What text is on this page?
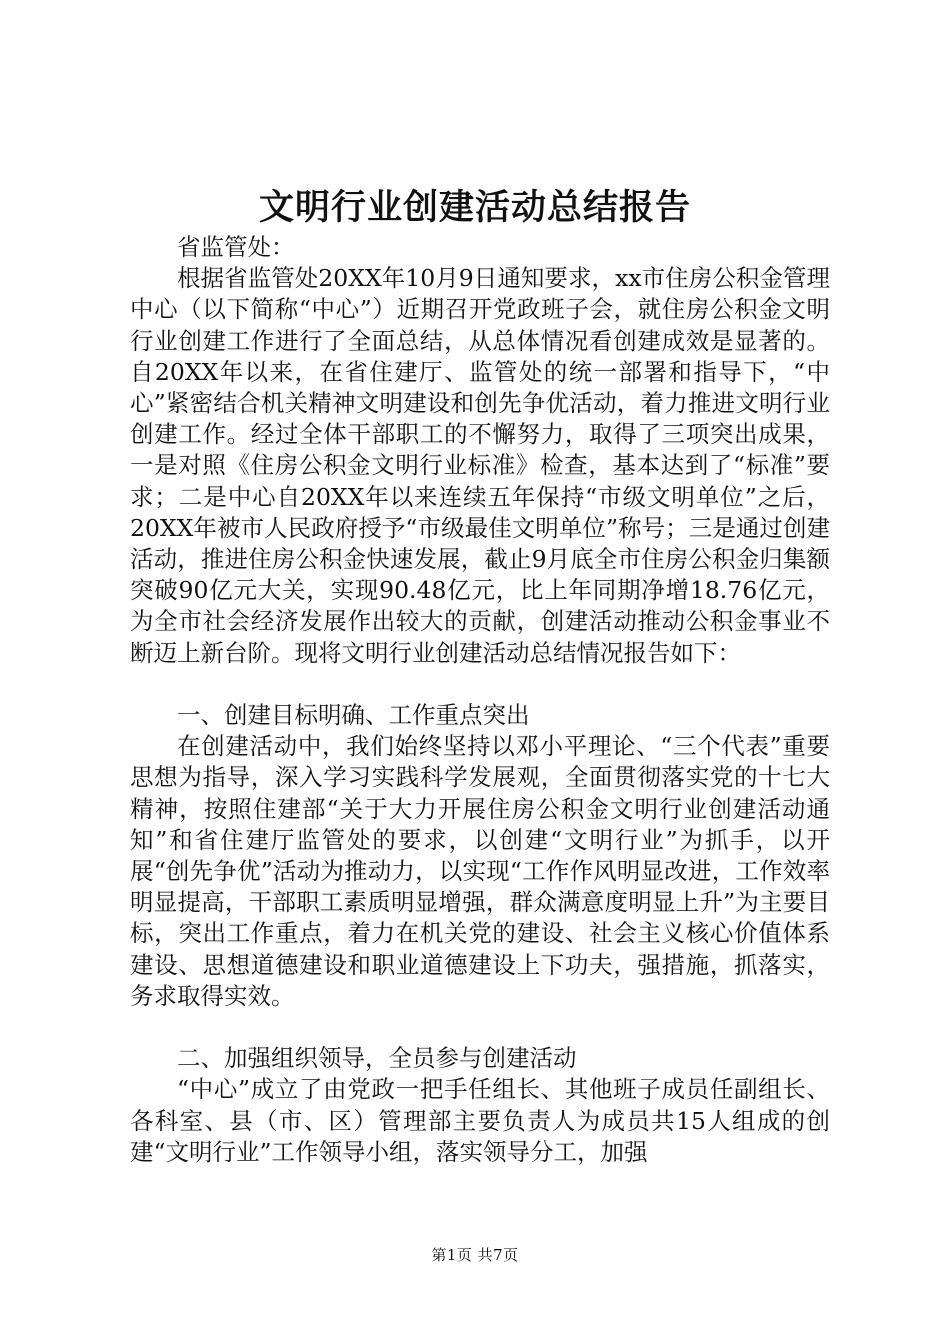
文明行业创建活动总结报告

省监管处：

根据省监管处20XX年10月9日通知要求，xx市住房公积金管理中心（以下简称“中心”）近期召开党政班子会，就住房公积金文明行业创建工作进行了全面总结，从总体情况看创建成效是显著的。自20XX年以来，在省住建厅、监管处的统一部署和指导下，“中心”紧密结合机关精神文明建设和创先争优活动，着力推进文明行业创建工作。经过全体干部职工的不懈努力，取得了三项突出成果，一是对照《住房公积金文明行业标准》检查，基本达到了“标准”要求；二是中心自20XX年以来连续五年保持“市级文明单位”之后，20XX年被市人民政府授予“市级最佳文明单位”称号；三是通过创建活动，推进住房公积金快速发展，截止9月底全市住房公积金归集额突破90亿元大关，实现90.48亿元，比上年同期净增18.76亿元，为全市社会经济发展作出较大的贡献，创建活动推动公积金事业不断迈上新台阶。现将文明行业创建活动总结情况报告如下：

一、创建目标明确、工作重点突出

在创建活动中，我们始终坚持以邓小平理论、“三个代表”重要思想为指导，深入学习实践科学发展观，全面贯彻落实党的十七大精神，按照住建部“关于大力开展住房公积金文明行业创建活动通知”和省住建厅监管处的要求，以创建“文明行业”为抓手，以开展“创先争优”活动为推动力，以实现“工作作风明显改进，工作效率明显提高，干部职工素质明显增强，群众满意度明显上升”为主要目标，突出工作重点，着力在机关党的建设、社会主义核心价值体系建设、思想道德建设和职业道德建设上下功夫，强措施，抓落实，务求取得实效。

二、加强组织领导，全员参与创建活动

“中心”成立了由党政一把手任组长、其他班子成员任副组长、各科室、县（市、区）管理部主要负责人为成员共15人组成的创建“文明行业”工作领导小组，落实领导分工，加强

第1页 共7页
